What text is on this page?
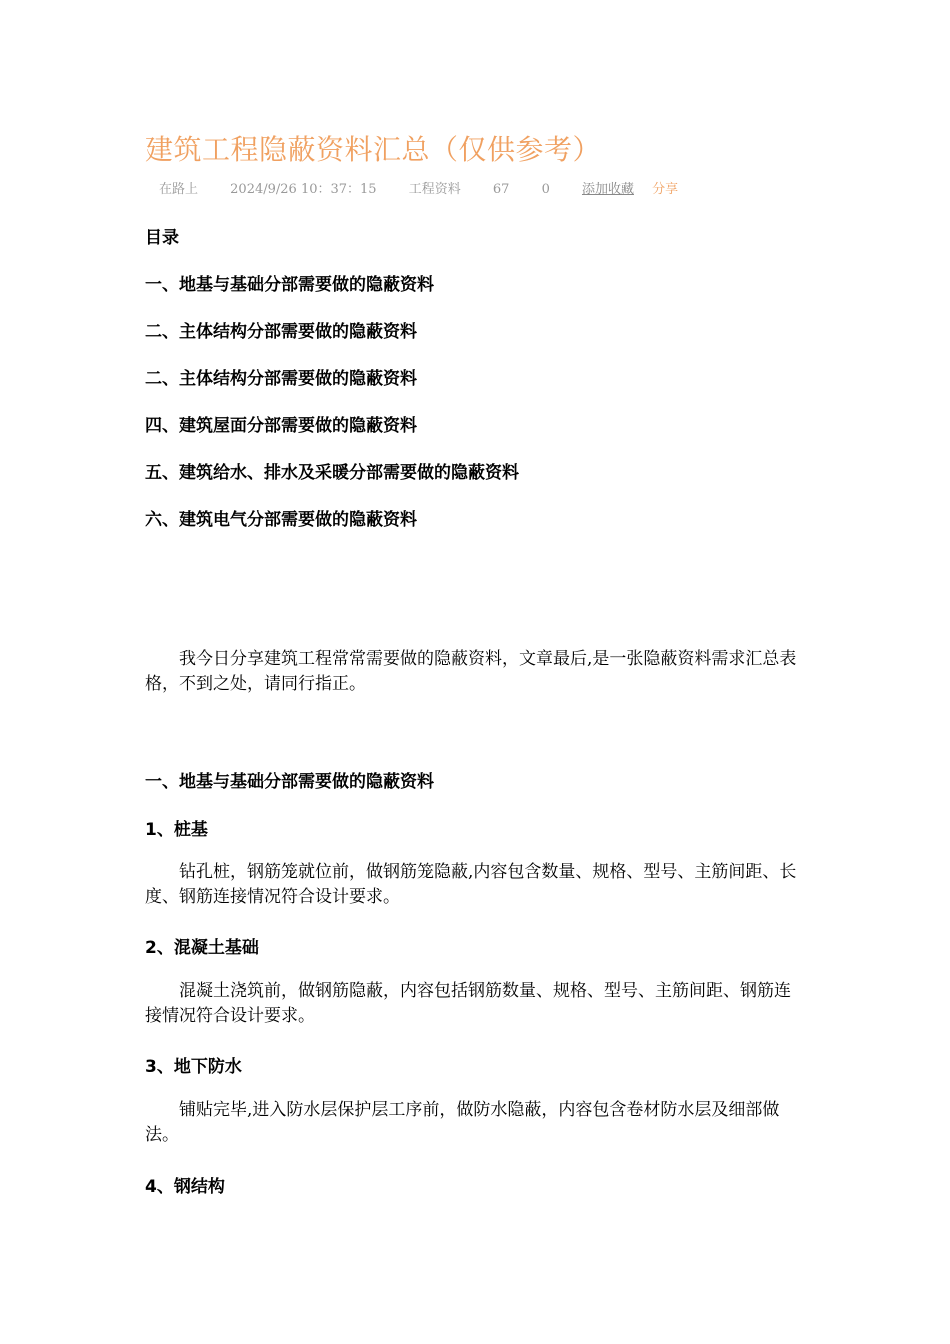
建筑工程隐蔽资料汇总（仅供参考）
在路上 2024/9/26 10：37：15 工程资料 67 0 添加收藏 分享
目录
一、地基与基础分部需要做的隐蔽资料
二、主体结构分部需要做的隐蔽资料
二、主体结构分部需要做的隐蔽资料
四、建筑屋面分部需要做的隐蔽资料
五、建筑给水、排水及采暖分部需要做的隐蔽资料
六、建筑电气分部需要做的隐蔽资料
我今日分享建筑工程常常需要做的隐蔽资料，文章最后,是一张隐蔽资料需求汇总表格，不到之处，请同行指正。
一、地基与基础分部需要做的隐蔽资料
1、桩基
钻孔桩，钢筋笼就位前，做钢筋笼隐蔽,内容包含数量、规格、型号、主筋间距、长度、钢筋连接情况符合设计要求。
2、混凝土基础
混凝土浇筑前，做钢筋隐蔽，内容包括钢筋数量、规格、型号、主筋间距、钢筋连接情况符合设计要求。
3、地下防水
铺贴完毕,进入防水层保护层工序前，做防水隐蔽，内容包含卷材防水层及细部做法。
4、钢结构
